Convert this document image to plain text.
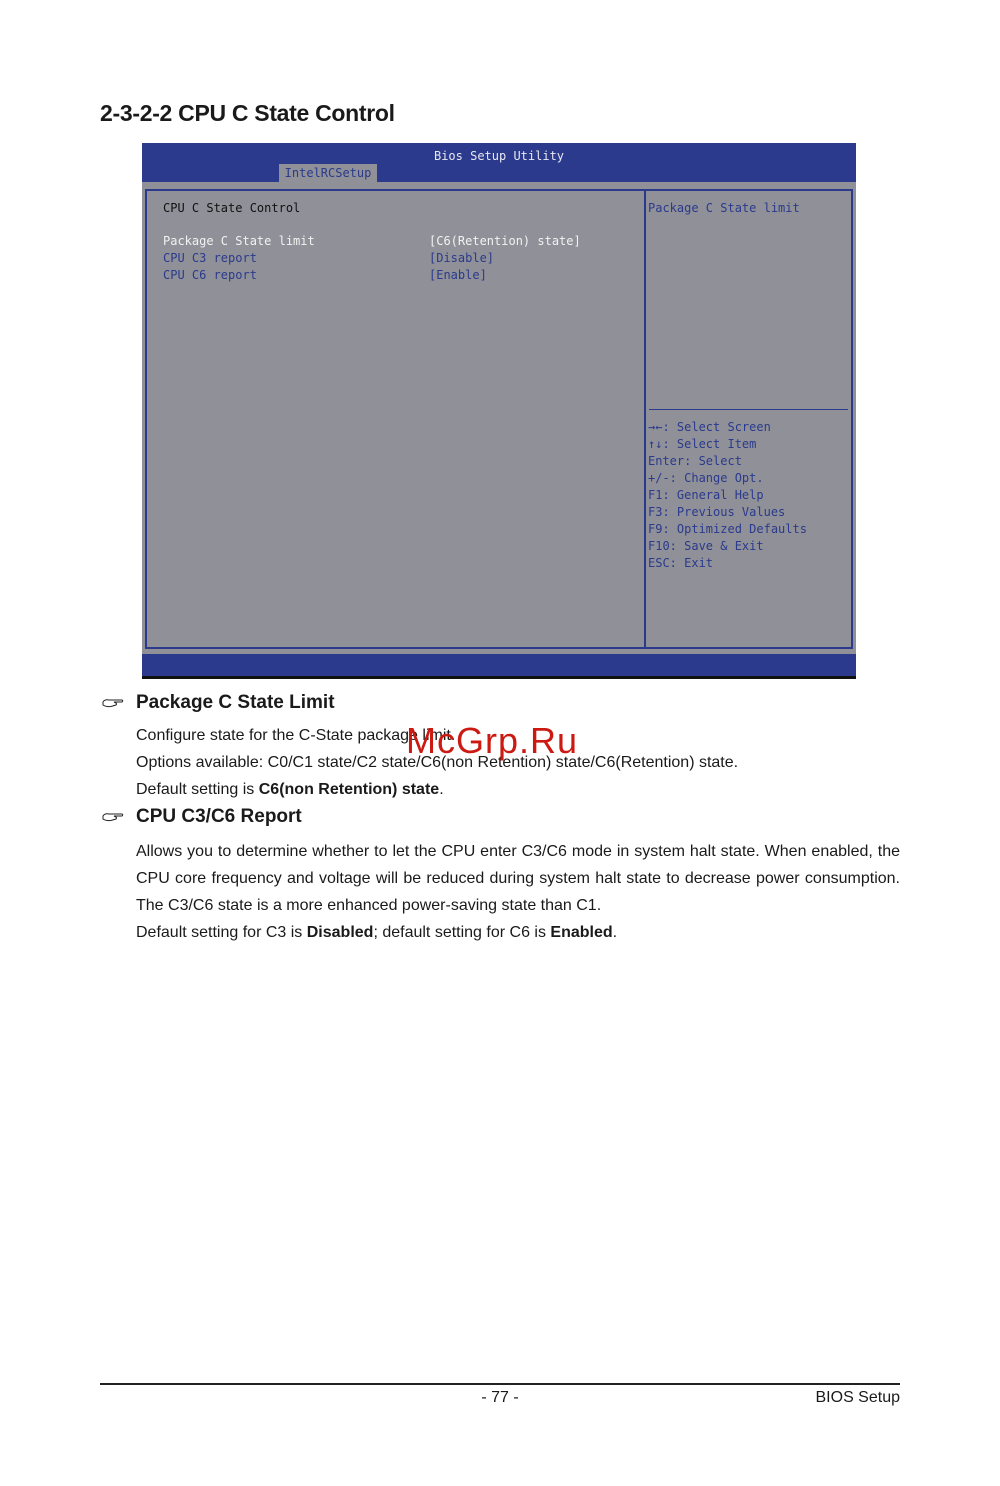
2-3-2-2 CPU C State Control
Bios Setup Utility
IntelRCSetup
CPU C State Control
Package C State limit	[C6(Retention) state]
CPU C3 report	[Disable]
CPU C6 report	[Enable]
Package C State limit
→←: Select Screen
↑↓: Select Item
Enter: Select
+/-: Change Opt.
F1: General Help
F3: Previous Values
F9: Optimized Defaults
F10: Save & Exit
ESC: Exit
Package C State Limit

Configure state for the C-State package limit.

Options available: C0/C1 state/C2 state/C6(non Retention) state/C6(Retention) state.

Default setting is C6(non Retention) state.

McGrp.Ru
CPU C3/C6 Report

Allows you to determine whether to let the CPU enter C3/C6 mode in system halt state. When enabled, the CPU core frequency and voltage will be reduced during system halt state to decrease power consumption. The C3/C6 state is a more enhanced power-saving state than C1.

Default setting for C3 is Disabled; default setting for C6 is Enabled.

- 77 -	BIOS Setup
